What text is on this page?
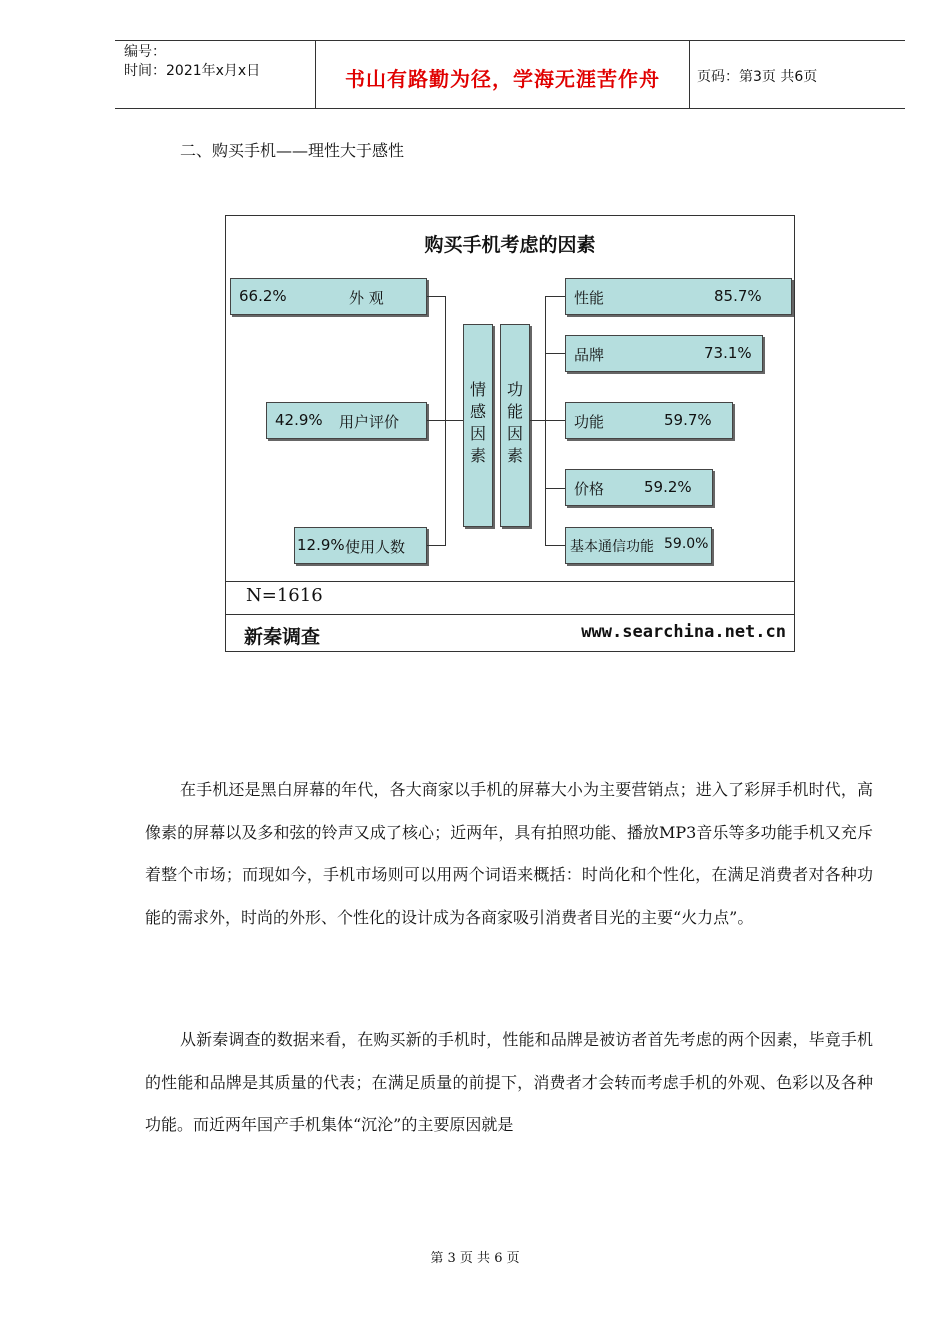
编号：
时间：2021年x月x日	书山有路勤为径，学海无涯苦作舟	页码：第3页 共6页
二、购买手机——理性大于感性
购买手机考虑的因素
66.2%	外 观
42.9% 用户评价
12.9% 使用人数
情
感
因
素
功
能
因
素
性能	85.7%
品牌	73.1%
功能	59.7%
价格	59.2%
基本通信功能 59.0%
N=1616
新秦调查	www.searchina.net.cn
在手机还是黑白屏幕的年代，各大商家以手机的屏幕大小为主要营销点；进入了彩屏手机时代，高像素的屏幕以及多和弦的铃声又成了核心；近两年，具有拍照功能、播放MP3音乐等多功能手机又充斥着整个市场；而现如今，手机市场则可以用两个词语来概括：时尚化和个性化，在满足消费者对各种功能的需求外，时尚的外形、个性化的设计成为各商家吸引消费者目光的主要“火力点”。
从新秦调查的数据来看，在购买新的手机时，性能和品牌是被访者首先考虑的两个因素，毕竟手机的性能和品牌是其质量的代表；在满足质量的前提下，消费者才会转而考虑手机的外观、色彩以及各种功能。而近两年国产手机集体“沉沦”的主要原因就是
第 3 页 共 6 页
